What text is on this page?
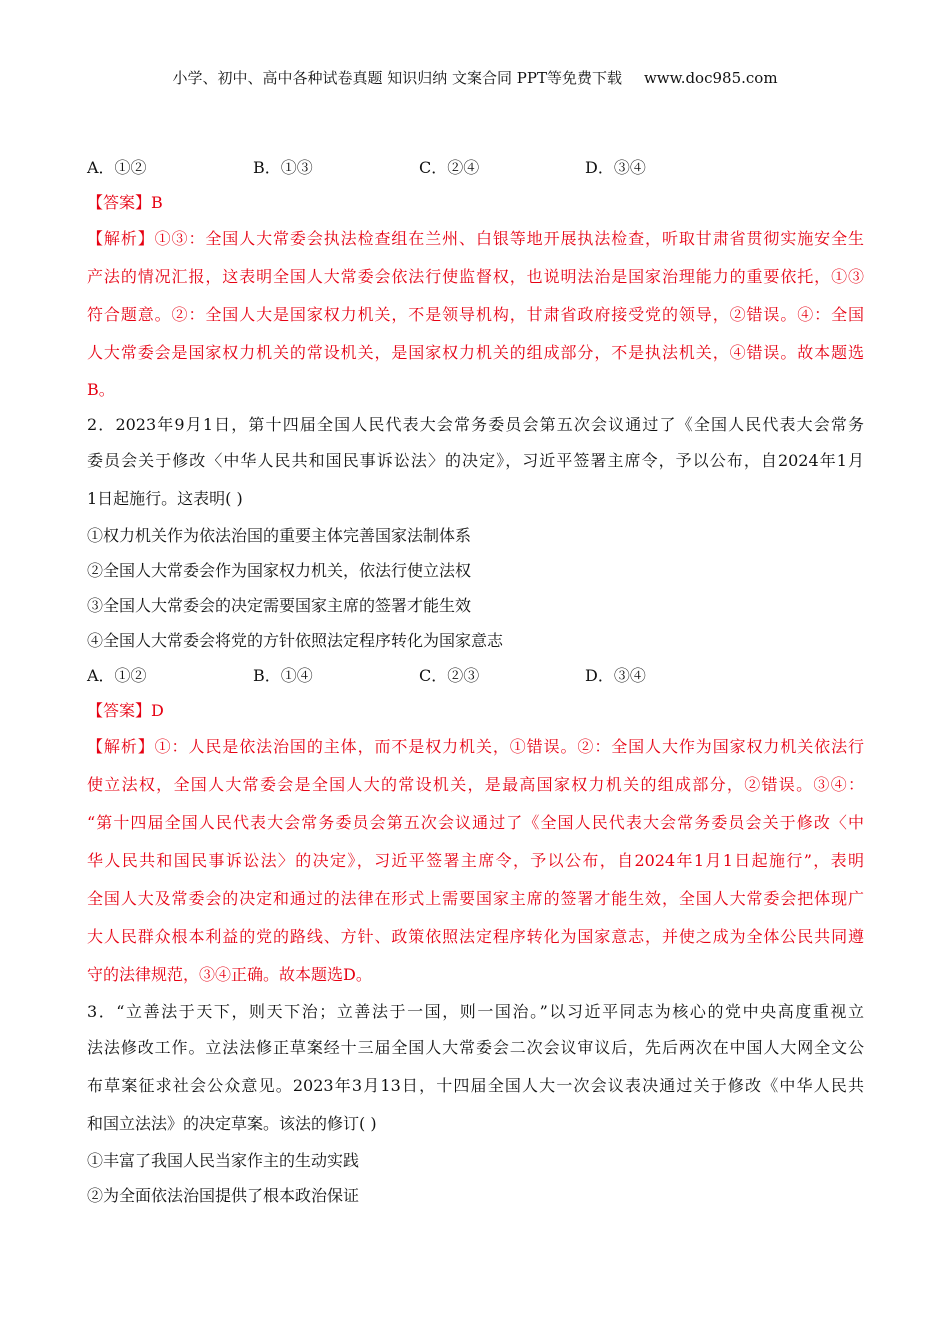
小学、初中、高中各种试卷真题 知识归纳 文案合同 PPT等免费下载 www.doc985.com
A．①②	B．①③	C．②④	D．③④
【答案】B
【解析】①③：全国人大常委会执法检查组在兰州、白银等地开展执法检查，听取甘肃省贯彻实施安全生
产法的情况汇报，这表明全国人大常委会依法行使监督权，也说明法治是国家治理能力的重要依托，①③
符合题意。②：全国人大是国家权力机关，不是领导机构，甘肃省政府接受党的领导，②错误。④：全国
人大常委会是国家权力机关的常设机关，是国家权力机关的组成部分，不是执法机关，④错误。故本题选
B。
2．2023年9月1日，第十四届全国人民代表大会常务委员会第五次会议通过了《全国人民代表大会常务
委员会关于修改〈中华人民共和国民事诉讼法〉的决定》，习近平签署主席令，予以公布，自2024年1月
1日起施行。这表明( )
①权力机关作为依法治国的重要主体完善国家法制体系
②全国人大常委会作为国家权力机关，依法行使立法权
③全国人大常委会的决定需要国家主席的签署才能生效
④全国人大常委会将党的方针依照法定程序转化为国家意志
A．①②	B．①④	C．②③	D．③④
【答案】D
【解析】①：人民是依法治国的主体，而不是权力机关，①错误。②：全国人大作为国家权力机关依法行
使立法权，全国人大常委会是全国人大的常设机关，是最高国家权力机关的组成部分，②错误。③④：
“第十四届全国人民代表大会常务委员会第五次会议通过了《全国人民代表大会常务委员会关于修改〈中
华人民共和国民事诉讼法〉的决定》，习近平签署主席令，予以公布，自2024年1月1日起施行”，表明
全国人大及常委会的决定和通过的法律在形式上需要国家主席的签署才能生效，全国人大常委会把体现广
大人民群众根本利益的党的路线、方针、政策依照法定程序转化为国家意志，并使之成为全体公民共同遵
守的法律规范，③④正确。故本题选D。
3．“立善法于天下，则天下治；立善法于一国，则一国治。”以习近平同志为核心的党中央高度重视立
法法修改工作。立法法修正草案经十三届全国人大常委会二次会议审议后，先后两次在中国人大网全文公
布草案征求社会公众意见。2023年3月13日，十四届全国人大一次会议表决通过关于修改《中华人民共
和国立法法》的决定草案。该法的修订( )
①丰富了我国人民当家作主的生动实践
②为全面依法治国提供了根本政治保证
